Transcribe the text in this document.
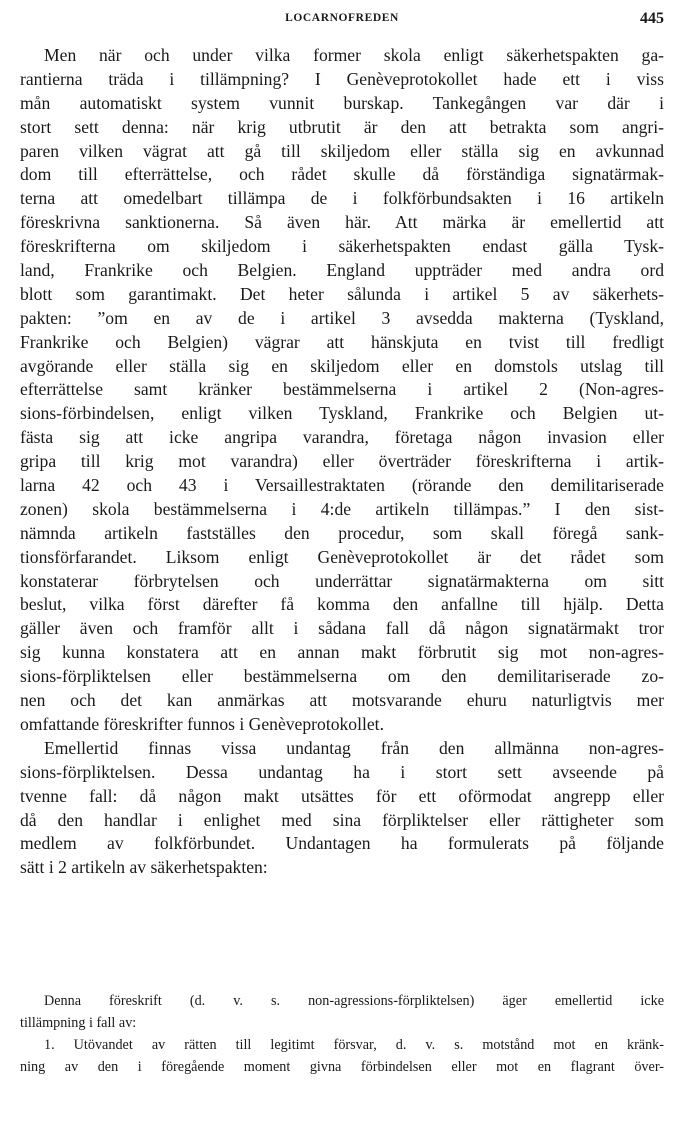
LOCARNOFREDEN	445
Men när och under vilka former skola enligt säkerhetspakten ga-
rantierna träda i tillämpning? I Genèveprotokollet hade ett i viss
mån automatiskt system vunnit burskap. Tankegången var där i
stort sett denna: när krig utbrutit är den att betrakta som angri-
paren vilken vägrat att gå till skiljedom eller ställa sig en avkunnad
dom till efterrättelse, och rådet skulle då förständiga signatärmak-
terna att omedelbart tillämpa de i folkförbundsakten i 16 artikeln
föreskrivna sanktionerna. Så även här. Att märka är emellertid att
föreskrifterna om skiljedom i säkerhetspakten endast gälla Tysk-
land, Frankrike och Belgien. England uppträder med andra ord
blott som garantimakt. Det heter sålunda i artikel 5 av säkerhets-
pakten: ”om en av de i artikel 3 avsedda makterna (Tyskland,
Frankrike och Belgien) vägrar att hänskjuta en tvist till fredligt
avgörande eller ställa sig en skiljedom eller en domstols utslag till
efterrättelse samt kränker bestämmelserna i artikel 2 (Non-agres-
sions-förbindelsen, enligt vilken Tyskland, Frankrike och Belgien ut-
fästa sig att icke angripa varandra, företaga någon invasion eller
gripa till krig mot varandra) eller överträder föreskrifterna i artik-
larna 42 och 43 i Versaillestraktaten (rörande den demilitariserade
zonen) skola bestämmelserna i 4:de artikeln tillämpas.” I den sist-
nämnda artikeln fastställes den procedur, som skall föregå sank-
tionsförfarandet. Liksom enligt Genèveprotokollet är det rådet som
konstaterar förbrytelsen och underrättar signatärmakterna om sitt
beslut, vilka först därefter få komma den anfallne till hjälp. Detta
gäller även och framför allt i sådana fall då någon signatärmakt tror
sig kunna konstatera att en annan makt förbrutit sig mot non-agres-
sions-förpliktelsen eller bestämmelserna om den demilitariserade zo-
nen och det kan anmärkas att motsvarande ehuru naturligtvis mer
omfattande föreskrifter funnos i Genèveprotokollet.
Emellertid finnas vissa undantag från den allmänna non-agres-
sions-förpliktelsen. Dessa undantag ha i stort sett avseende på
tvenne fall: då någon makt utsättes för ett oförmodat angrepp eller
då den handlar i enlighet med sina förpliktelser eller rättigheter som
medlem av folkförbundet. Undantagen ha formulerats på följande
sätt i 2 artikeln av säkerhetspakten:
Denna föreskrift (d. v. s. non-agressions-förpliktelsen) äger emellertid icke
tillämpning i fall av:
1. Utövandet av rätten till legitimt försvar, d. v. s. motstånd mot en kränk-
ning av den i föregående moment givna förbindelsen eller mot en flagrant över-
